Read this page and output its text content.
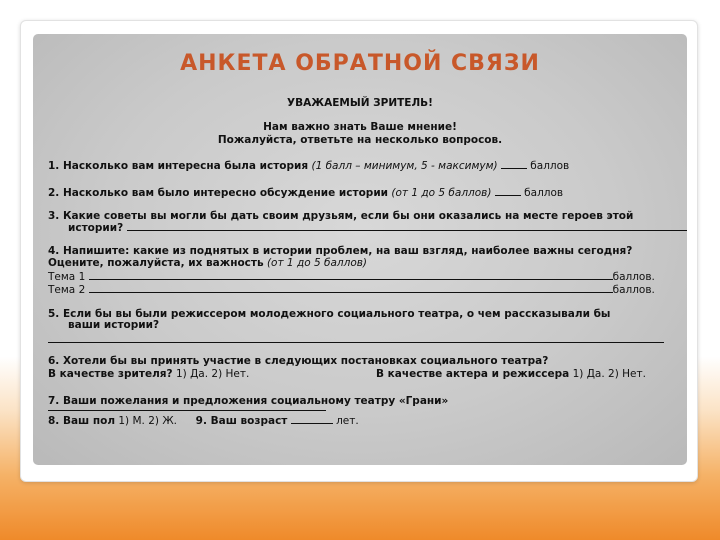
АНКЕТА ОБРАТНОЙ СВЯЗИ
УВАЖАЕМЫЙ ЗРИТЕЛЬ!
Нам важно знать Ваше мнение!
Пожалуйста, ответьте на несколько вопросов.
1. Насколько вам интересна была история (1 балл – минимум, 5 - максимум)	баллов
2. Насколько вам было интересно обсуждение истории (от 1 до 5 баллов)	баллов
3. Какие советы вы могли бы дать своим друзьям, если бы они оказались на месте героев этой
истории?
4. Напишите: какие из поднятых в истории проблем, на ваш взгляд, наиболее важны сегодня?
Оцените, пожалуйста, их важность (от 1 до 5 баллов)
Тема 1	баллов.
Тема 2	баллов.
5. Если бы вы были режиссером молодежного социального театра, о чем рассказывали бы
ваши истории?
6. Хотели бы вы принять участие в следующих постановках социального театра?
В качестве зрителя? 1) Да. 2) Нет.	В качестве актера и режиссера 1) Да. 2) Нет.
7. Ваши пожелания и предложения социальному театру «Грани»
8. Ваш пол 1) М. 2) Ж. 9. Ваш возраст	лет.
